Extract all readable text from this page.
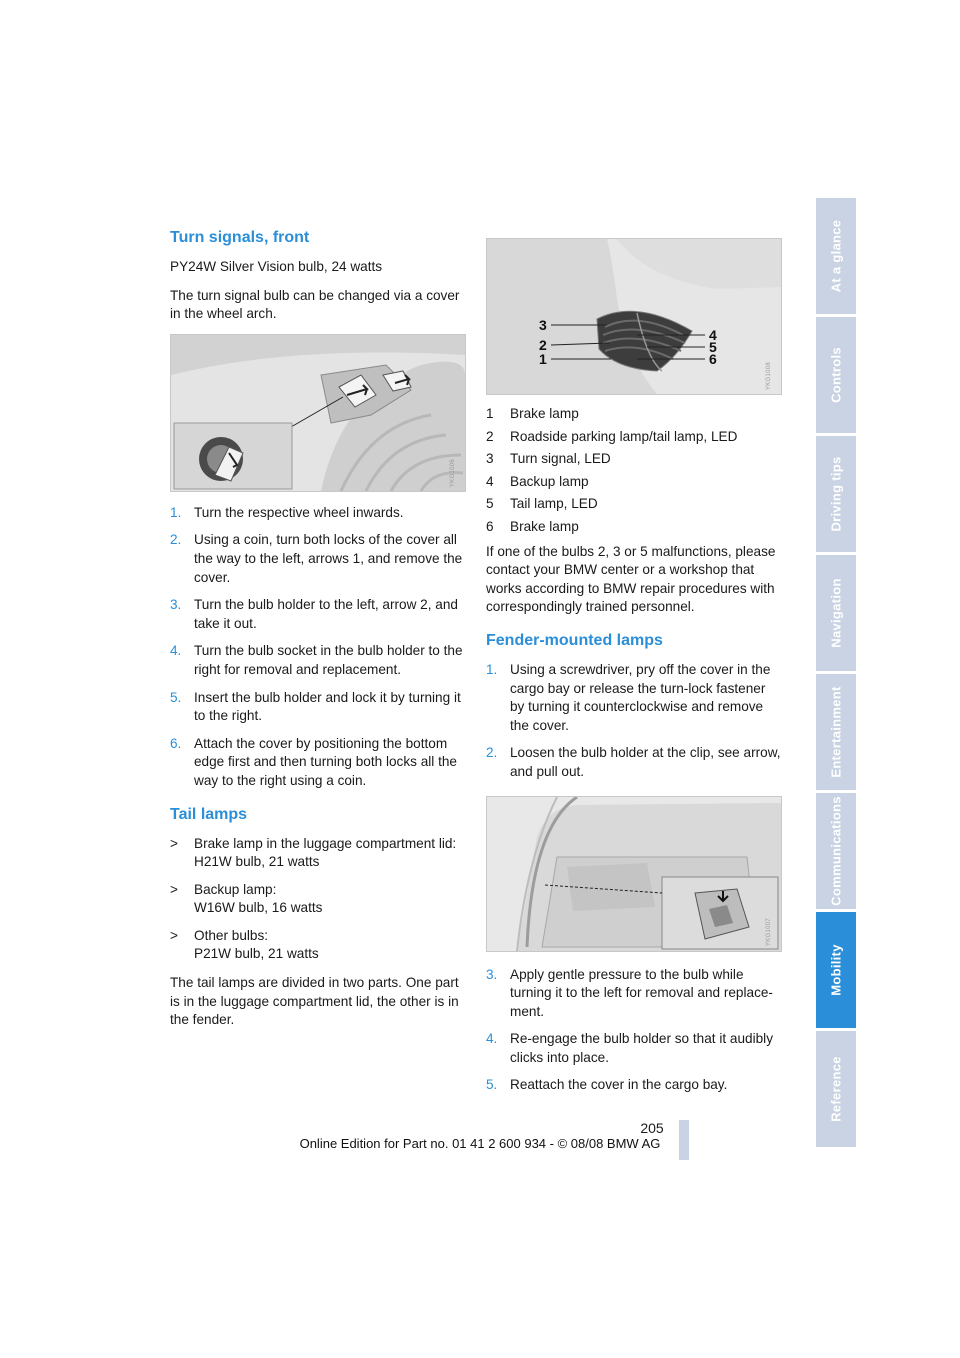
Turn signals, front

PY24W Silver Vision bulb, 24 watts

The turn signal bulb can be changed via a cover in the wheel arch.

YKG1006
1. Turn the respective wheel inwards.
2. Using a coin, turn both locks of the cover all the way to the left, arrows 1, and remove the cover.
3. Turn the bulb holder to the left, arrow 2, and take it out.
4. Turn the bulb socket in the bulb holder to the right for removal and replacement.
5. Insert the bulb holder and lock it by turning it to the right.
6. Attach the cover by positioning the bottom edge first and then turning both locks all the way to the right using a coin.
Tail lamps
> Brake lamp in the luggage compartment lid:
H21W bulb, 21 watts
> Backup lamp:
W16W bulb, 16 watts
> Other bulbs:
P21W bulb, 21 watts

The tail lamps are divided in two parts. One part is in the luggage compartment lid, the other is in the fender.

3
2
1
4
5
6
YKG1008
1	Brake lamp
2	Roadside parking lamp/tail lamp, LED
3	Turn signal, LED
4	Backup lamp
5	Tail lamp, LED
6	Brake lamp

If one of the bulbs 2, 3 or 5 malfunctions, please contact your BMW center or a workshop that works according to BMW repair procedures with correspondingly trained personnel.

Fender-mounted lamps
1. Using a screwdriver, pry off the cover in the cargo bay or release the turn-lock fastener by turning it counterclockwise and remove the cover.
2. Loosen the bulb holder at the clip, see arrow, and pull out.
YKG1007
3. Apply gentle pressure to the bulb while turning it to the left for removal and replace-ment.
4. Re-engage the bulb holder so that it audibly clicks into place.
5. Reattach the cover in the cargo bay.
At a glance
Controls
Driving tips
Navigation
Entertainment
Communications
Mobility
Reference
205
Online Edition for Part no. 01 41 2 600 934 - © 08/08 BMW AG
